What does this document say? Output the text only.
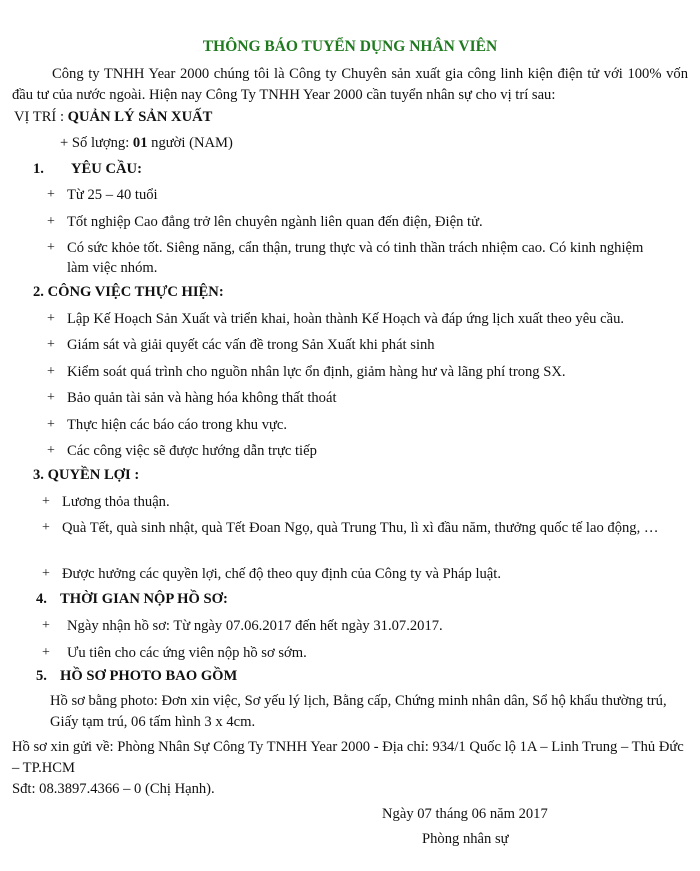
THÔNG BÁO TUYỂN DỤNG NHÂN VIÊN
Công ty TNHH Year 2000 chúng tôi là Công ty Chuyên sản xuất gia công linh kiện điện tử với 100% vốn đầu tư của nước ngoài. Hiện nay Công Ty TNHH Year 2000 cần tuyển nhân sự cho vị trí sau:
VỊ TRÍ : QUẢN LÝ SẢN XUẤT
+ Số lượng: 01 người (NAM)
1. YÊU CẦU:
+ Từ 25 – 40 tuổi
+ Tốt nghiệp Cao đẳng trở lên chuyên ngành liên quan đến điện, Điện tử.
+ Có sức khỏe tốt. Siêng năng, cẩn thận, trung thực và có tinh thần trách nhiệm cao. Có kinh nghiệm làm việc nhóm.
2. CÔNG VIỆC THỰC HIỆN:
+ Lập Kế Hoạch Sản Xuất và triển khai, hoàn thành Kế Hoạch và đáp ứng lịch xuất theo yêu cầu.
+ Giám sát và giải quyết các vấn đề trong Sản Xuất khi phát sinh
+ Kiểm soát quá trình cho nguồn nhân lực ổn định, giảm hàng hư và lãng phí trong SX.
+ Bảo quản tài sản và hàng hóa không thất thoát
+ Thực hiện các báo cáo trong khu vực.
+ Các công việc sẽ được hướng dẫn trực tiếp
3. QUYỀN LỢI :
+ Lương thỏa thuận.
+ Quà Tết, quà sinh nhật, quà Tết Đoan Ngọ, quà Trung Thu, lì xì đầu năm, thưởng quốc tế lao động, …
+ Được hưởng các quyền lợi, chế độ theo quy định của Công ty và Pháp luật.
4. THỜI GIAN NỘP HỒ SƠ:
+ Ngày nhận hồ sơ: Từ ngày 07.06.2017 đến hết ngày 31.07.2017.
+ Ưu tiên cho các ứng viên nộp hồ sơ sớm.
5. HỒ SƠ PHOTO BAO GỒM
Hồ sơ bằng photo: Đơn xin việc, Sơ yếu lý lịch, Bằng cấp, Chứng minh nhân dân, Sổ hộ khẩu thường trú, Giấy tạm trú, 06 tấm hình 3 x 4cm.
Hồ sơ xin gửi về: Phòng Nhân Sự Công Ty TNHH Year 2000 - Địa chỉ: 934/1 Quốc lộ 1A – Linh Trung – Thủ Đức – TP.HCM
Sđt: 08.3897.4366 – 0 (Chị Hạnh).
Ngày 07 tháng 06 năm 2017
Phòng nhân sự
